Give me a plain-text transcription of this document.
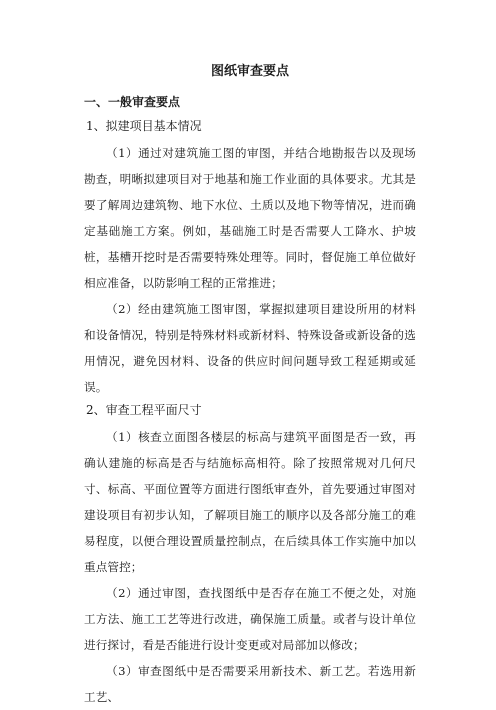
图纸审查要点
一、一般审查要点
1、拟建项目基本情况

（1）通过对建筑施工图的审图，并结合地勘报告以及现场勘查，明晰拟建项目对于地基和施工作业面的具体要求。尤其是要了解周边建筑物、地下水位、土质以及地下物等情况，进而确定基础施工方案。例如，基础施工时是否需要人工降水、护坡桩，基槽开挖时是否需要特殊处理等。同时，督促施工单位做好相应准备，以防影响工程的正常推进；

（2）经由建筑施工图审图，掌握拟建项目建设所用的材料和设备情况，特别是特殊材料或新材料、特殊设备或新设备的选用情况，避免因材料、设备的供应时间问题导致工程延期或延误。

2、审查工程平面尺寸

（1）核查立面图各楼层的标高与建筑平面图是否一致，再确认建施的标高是否与结施标高相符。除了按照常规对几何尺寸、标高、平面位置等方面进行图纸审查外，首先要通过审图对建设项目有初步认知，了解项目施工的顺序以及各部分施工的难易程度，以便合理设置质量控制点，在后续具体工作实施中加以重点管控；

（2）通过审图，查找图纸中是否存在施工不便之处，对施工方法、施工工艺等进行改进，确保施工质量。或者与设计单位进行探讨，看是否能进行设计变更或对局部加以修改；

（3）审查图纸中是否需要采用新技术、新工艺。若选用新工艺、
